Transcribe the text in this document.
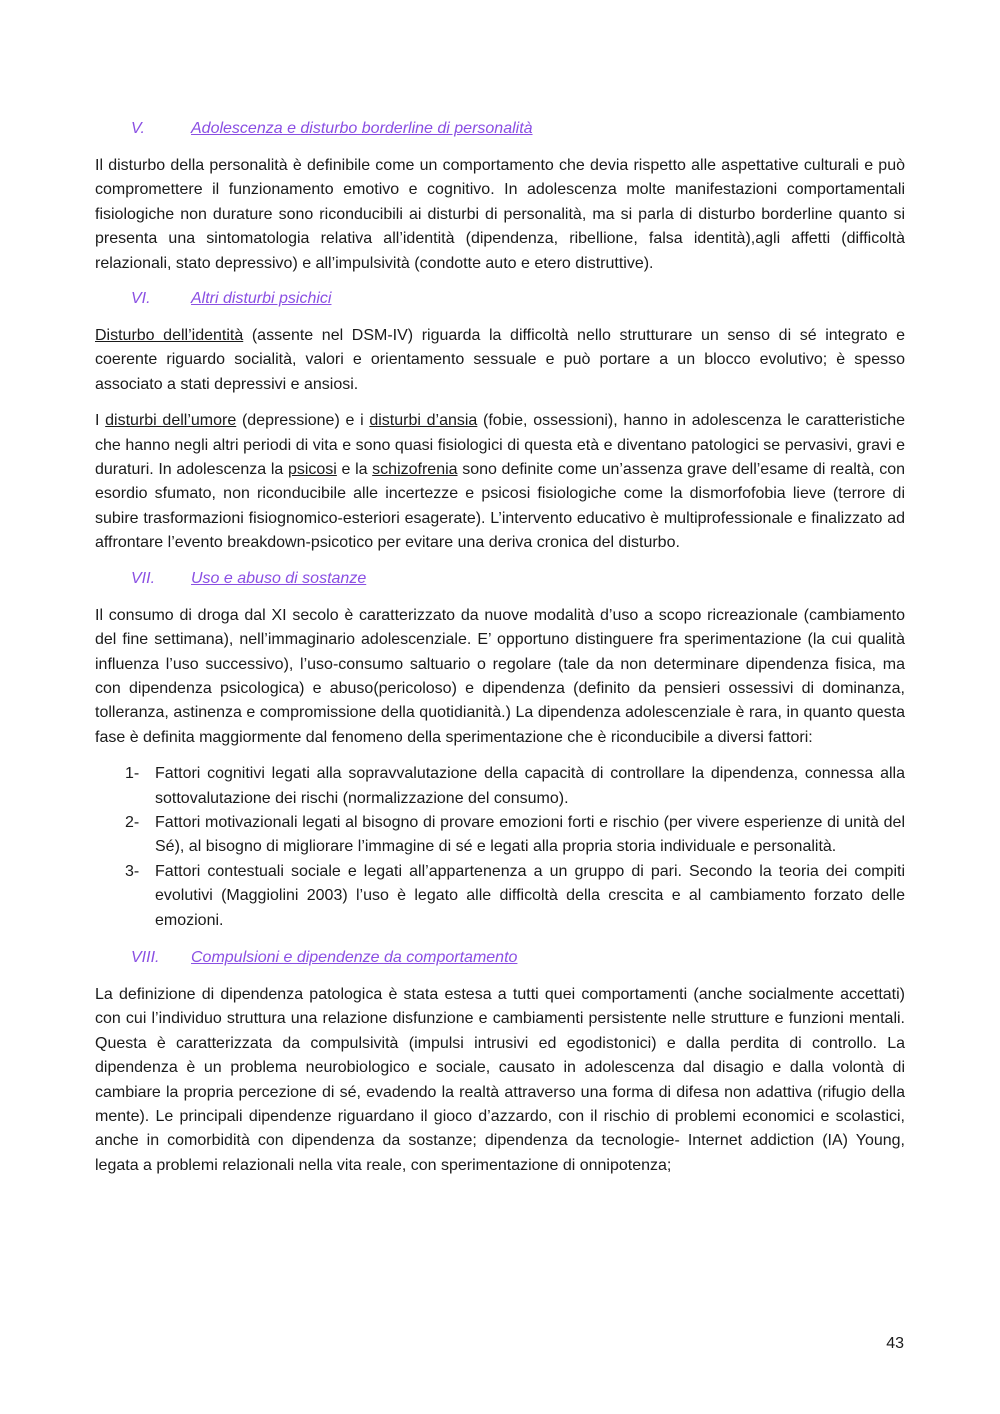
V.	Adolescenza e disturbo borderline di personalità

Il disturbo della personalità è definibile come un comportamento che devia rispetto alle aspettative culturali e può compromettere il funzionamento emotivo e cognitivo. In adolescenza molte manifestazioni comportamentali fisiologiche non durature sono riconducibili ai disturbi di personalità, ma si parla di disturbo borderline quanto si presenta una sintomatologia relativa all’identità (dipendenza, ribellione, falsa identità),agli affetti (difficoltà relazionali, stato depressivo) e all’impulsività (condotte auto e etero distruttive).

VI.	Altri disturbi psichici

Disturbo dell’identità (assente nel DSM-IV) riguarda la difficoltà nello strutturare un senso di sé integrato e coerente riguardo socialità, valori e orientamento sessuale e può portare a un blocco evolutivo; è spesso associato a stati depressivi e ansiosi.

I disturbi dell’umore (depressione) e i disturbi d’ansia (fobie, ossessioni), hanno in adolescenza le caratteristiche che hanno negli altri periodi di vita e sono quasi fisiologici di questa età e diventano patologici se pervasivi, gravi e duraturi. In adolescenza la psicosi e la schizofrenia sono definite come un’assenza grave dell’esame di realtà, con esordio sfumato, non riconducibile alle incertezze e psicosi fisiologiche come la dismorfofobia lieve (terrore di subire trasformazioni fisiognomico-esteriori esagerate). L’intervento educativo è multiprofessionale e finalizzato ad affrontare l’evento breakdown-psicotico per evitare una deriva cronica del disturbo.

VII.	Uso e abuso di sostanze

Il consumo di droga dal XI secolo è caratterizzato da nuove modalità d’uso a scopo ricreazionale (cambiamento del fine settimana), nell’immaginario adolescenziale. E’ opportuno distinguere fra sperimentazione (la cui qualità influenza l’uso successivo), l’uso-consumo saltuario o regolare (tale da non determinare dipendenza fisica, ma con dipendenza psicologica) e abuso(pericoloso) e dipendenza (definito da pensieri ossessivi di dominanza, tolleranza, astinenza e compromissione della quotidianità.) La dipendenza adolescenziale è rara, in quanto questa fase è definita maggiormente dal fenomeno della sperimentazione che è riconducibile a diversi fattori:

1- Fattori cognitivi legati alla sopravvalutazione della capacità di controllare la dipendenza, connessa alla sottovalutazione dei rischi (normalizzazione del consumo).
2- Fattori motivazionali legati al bisogno di provare emozioni forti e rischio (per vivere esperienze di unità del Sé), al bisogno di migliorare l’immagine di sé e legati alla propria storia individuale e personalità.
3- Fattori contestuali sociale e legati all’appartenenza a un gruppo di pari. Secondo la teoria dei compiti evolutivi (Maggiolini 2003) l’uso è legato alle difficoltà della crescita e al cambiamento forzato delle emozioni.
VIII.	Compulsioni e dipendenze da comportamento

La definizione di dipendenza patologica è stata estesa a tutti quei comportamenti (anche socialmente accettati) con cui l’individuo struttura una relazione disfunzione e cambiamenti persistente nelle strutture e funzioni mentali. Questa è caratterizzata da compulsività (impulsi intrusivi ed egodistonici) e dalla perdita di controllo. La dipendenza è un problema neurobiologico e sociale, causato in adolescenza dal disagio e dalla volontà di cambiare la propria percezione di sé, evadendo la realtà attraverso una forma di difesa non adattiva (rifugio della mente). Le principali dipendenze riguardano il gioco d’azzardo, con il rischio di problemi economici e scolastici, anche in comorbidità con dipendenza da sostanze; dipendenza da tecnologie- Internet addiction (IA) Young, legata a problemi relazionali nella vita reale, con sperimentazione di onnipotenza;

43
